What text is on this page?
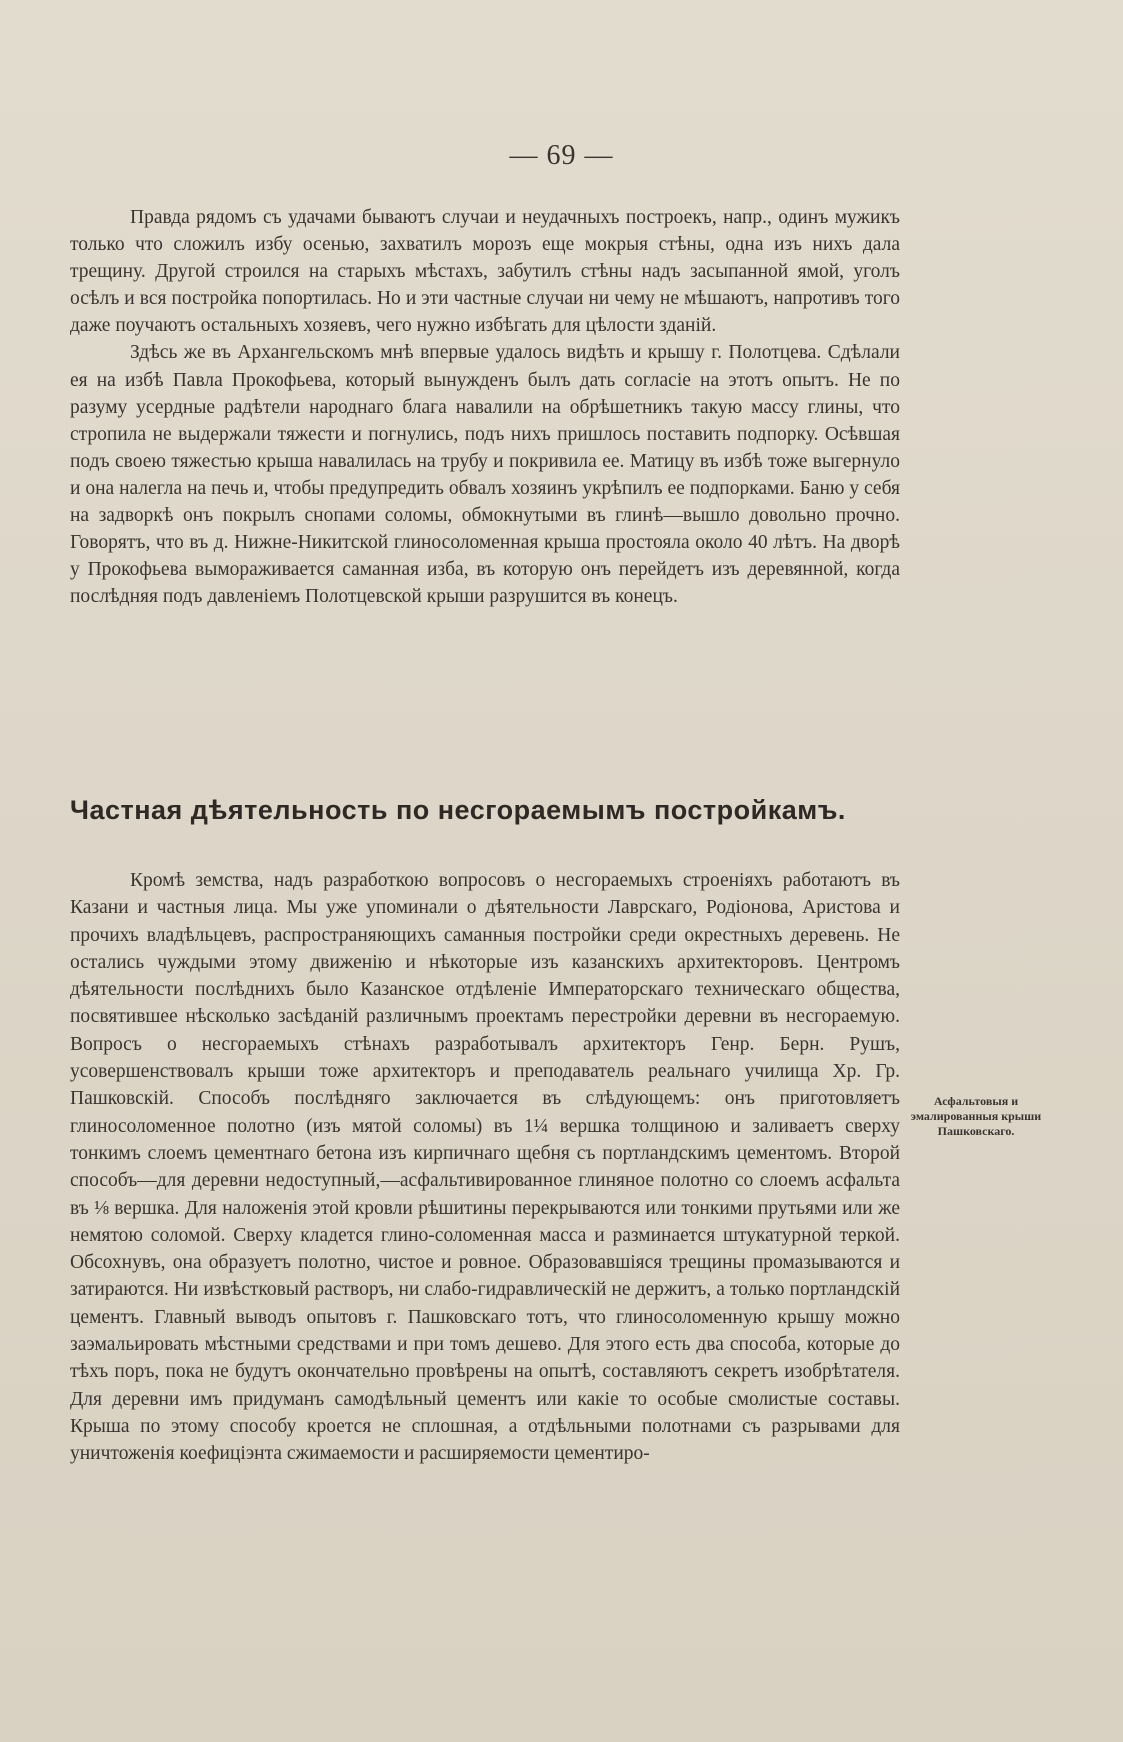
— 69 —

Правда рядомъ съ удачами бываютъ случаи и неудачныхъ построекъ, напр., одинъ мужикъ только что сложилъ избу осенью, захватилъ морозъ еще мокрыя стѣны, одна изъ нихъ дала трещину. Другой строился на старыхъ мѣстахъ, забутилъ стѣны надъ засыпанной ямой, уголъ осѣлъ и вся постройка попортилась. Но и эти частные случаи ни чему не мѣшаютъ, напротивъ того даже поучаютъ остальныхъ хозяевъ, чего нужно избѣгать для цѣлости зданій.

Здѣсь же въ Архангельскомъ мнѣ впервые удалось видѣть и крышу г. Полотцева. Сдѣлали ея на избѣ Павла Прокофьева, который вынужденъ былъ дать согласіе на этотъ опытъ. Не по разуму усердные радѣтели народнаго блага навалили на обрѣшетникъ такую массу глины, что стропила не выдержали тяжести и погнулись, подъ нихъ пришлось поставить подпорку. Осѣвшая подъ своею тяжестью крыша навалилась на трубу и покривила ее. Матицу въ избѣ тоже выгернуло и она налегла на печь и, чтобы предупредить обвалъ хозяинъ укрѣпилъ ее подпорками. Баню у себя на задворкѣ онъ покрылъ снопами соломы, обмокнутыми въ глинѣ—вышло довольно прочно. Говорятъ, что въ д. Нижне-Никитской глиносоломенная крыша простояла около 40 лѣтъ. На дворѣ у Прокофьева вымораживается саманная изба, въ которую онъ перейдетъ изъ деревянной, когда послѣдняя подъ давленіемъ Полотцевской крыши разрушится въ конецъ.

Частная дѣятельность по несгораемымъ постройкамъ.

Кромѣ земства, надъ разработкою вопросовъ о несгораемыхъ строеніяхъ работаютъ въ Казани и частныя лица. Мы уже упоминали о дѣятельности Лаврскаго, Родіонова, Аристова и прочихъ владѣльцевъ, распространяющихъ саманныя постройки среди окрестныхъ деревень. Не остались чуждыми этому движенію и нѣкоторые изъ казанскихъ архитекторовъ. Центромъ дѣятельности послѣднихъ было Казанское отдѣленіе Императорскаго техническаго общества, посвятившее нѣсколько засѣданій различнымъ проектамъ перестройки деревни въ несгораемую. Вопросъ о несгораемыхъ стѣнахъ разработывалъ архитекторъ Генр. Берн. Рушъ, усовершенствовалъ крыши тоже архитекторъ и преподаватель реальнаго училища Хр. Гр. Пашковскій. Способъ послѣдняго заключается въ слѣдующемъ: онъ приготовляетъ глиносоломенное полотно (изъ мятой соломы) въ 1¼ вершка толщиною и заливаетъ сверху тонкимъ слоемъ цементнаго бетона изъ кирпичнаго щебня съ портландскимъ цементомъ. Второй способъ—для деревни недоступный,—асфальтивированное глиняное полотно со слоемъ асфальта въ ⅛ вершка. Для наложенія этой кровли рѣшитины перекрываются или тонкими прутьями или же немятою соломой. Сверху кладется глино-соломенная масса и разминается штукатурной теркой. Обсохнувъ, она образуетъ полотно, чистое и ровное. Образовавшіяся трещины промазываются и затираются. Ни извѣстковый растворъ, ни слабо-гидравлическій не держитъ, а только портландскій цементъ. Главный выводъ опытовъ г. Пашковскаго тотъ, что глиносоломенную крышу можно заэмальировать мѣстными средствами и при томъ дешево. Для этого есть два способа, которые до тѣхъ поръ, пока не будутъ окончательно провѣрены на опытѣ, составляютъ секретъ изобрѣтателя. Для деревни имъ придуманъ самодѣльный цементъ или какіе то особые смолистые составы. Крыша по этому способу кроется не сплошная, а отдѣльными полотнами съ разрывами для уничтоженія коефиціэнта сжимаемости и расширяемости цементиро-

Асфальтовыя и эмалированныя крыши Пашковскаго.
